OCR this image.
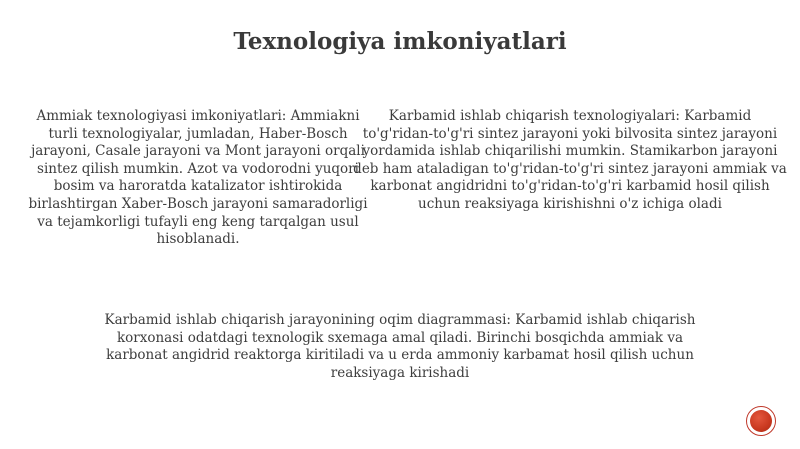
Texnologiya imkoniyatlari

Ammiak texnologiyasi imkoniyatlari: Ammiakni turli texnologiyalar, jumladan, Haber-Bosch jarayoni, Casale jarayoni va Mont jarayoni orqali sintez qilish mumkin. Azot va vodorodni yuqori bosim va haroratda katalizator ishtirokida birlashtirgan Xaber-Bosch jarayoni samaradorligi va tejamkorligi tufayli eng keng tarqalgan usul hisoblanadi.

Karbamid ishlab chiqarish texnologiyalari: Karbamid to'g'ridan-to'g'ri sintez jarayoni yoki bilvosita sintez jarayoni yordamida ishlab chiqarilishi mumkin. Stamikarbon jarayoni deb ham ataladigan to'g'ridan-to'g'ri sintez jarayoni ammiak va karbonat angidridni to'g'ridan-to'g'ri karbamid hosil qilish uchun reaksiyaga kirishishni o'z ichiga oladi

Karbamid ishlab chiqarish jarayonining oqim diagrammasi: Karbamid ishlab chiqarish korxonasi odatdagi texnologik sxemaga amal qiladi. Birinchi bosqichda ammiak va karbonat angidrid reaktorga kiritiladi va u erda ammoniy karbamat hosil qilish uchun reaksiyaga kirishadi
